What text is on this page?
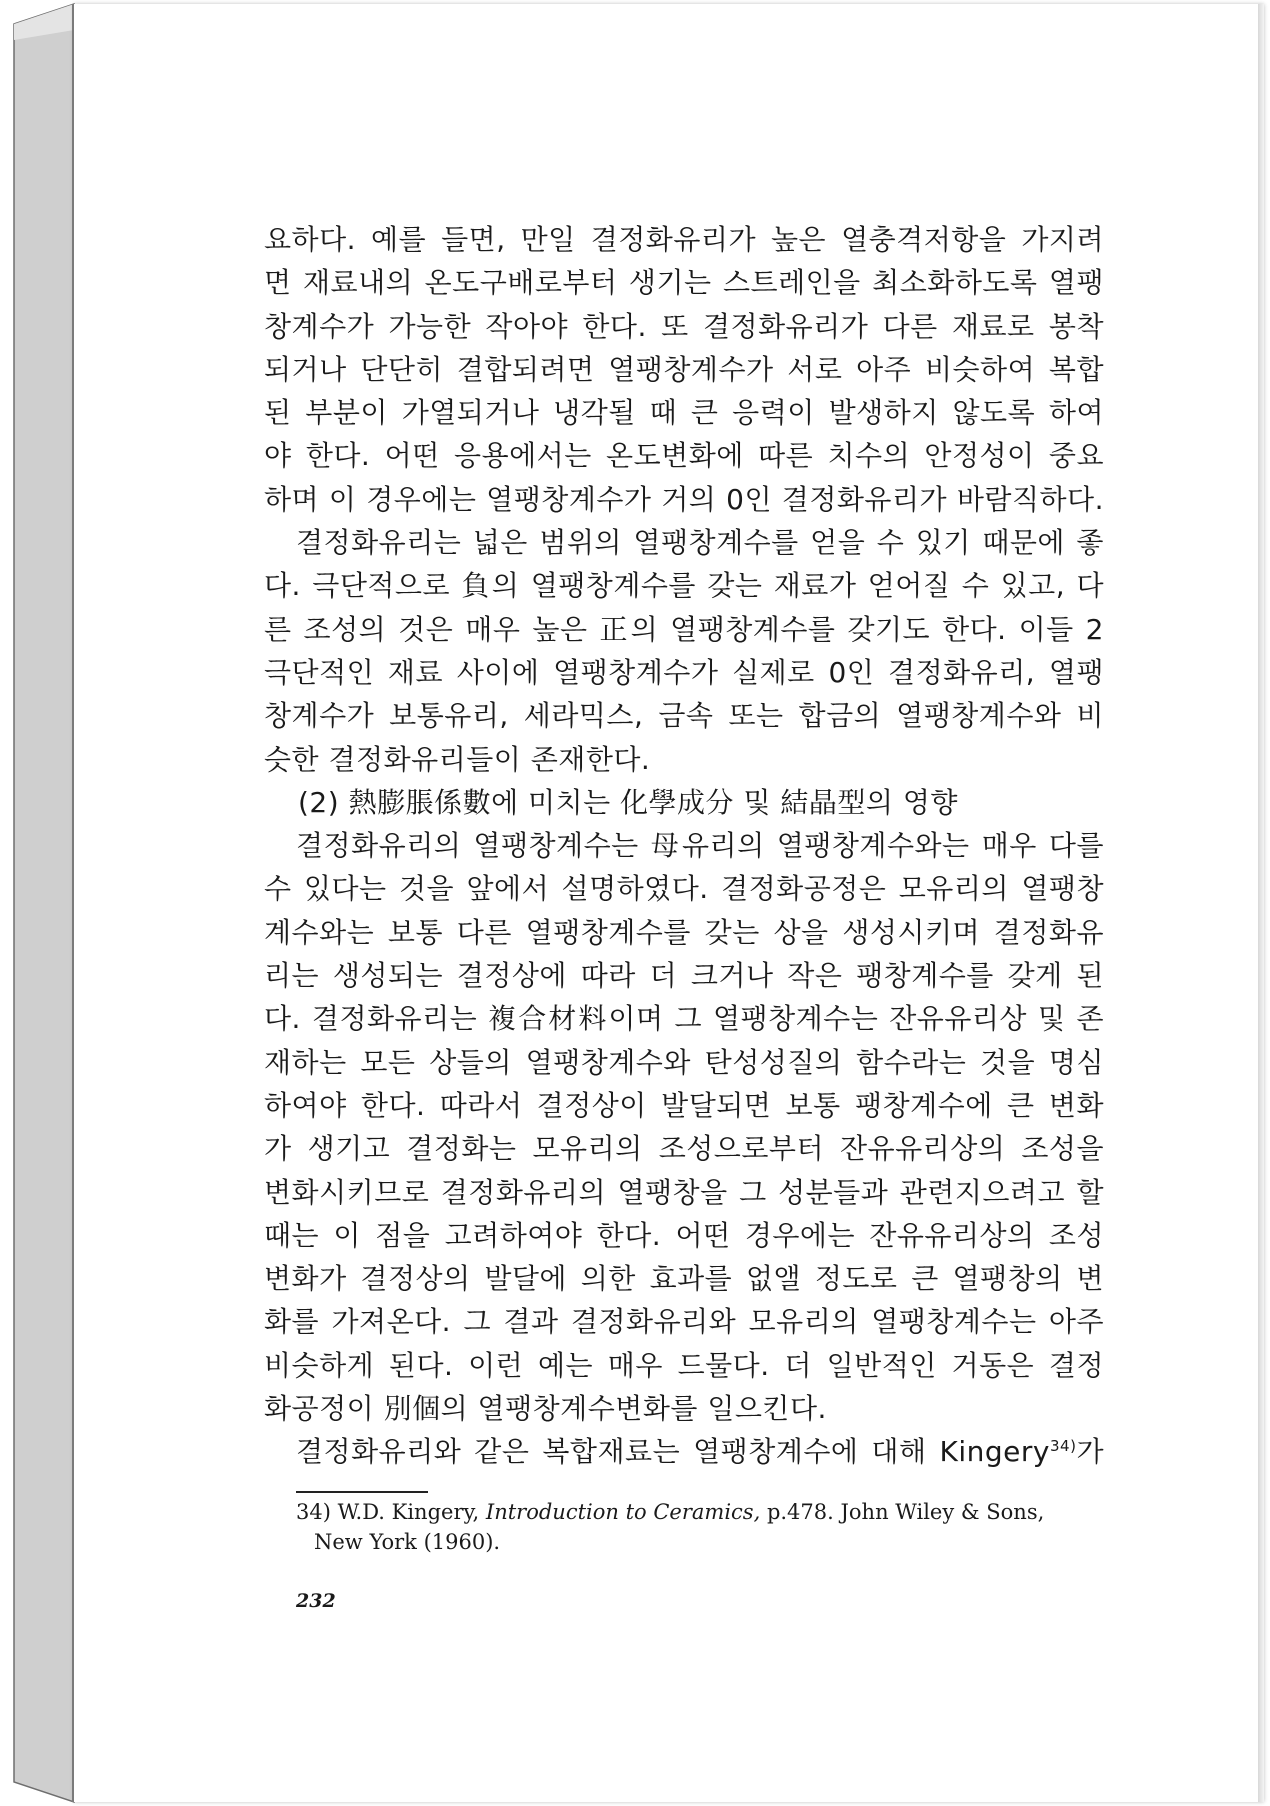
요하다. 예를 들면, 만일 결정화유리가 높은 열충격저항을 가지려
면 재료내의 온도구배로부터 생기는 스트레인을 최소화하도록 열팽
창계수가 가능한 작아야 한다. 또 결정화유리가 다른 재료로 봉착
되거나 단단히 결합되려면 열팽창계수가 서로 아주 비슷하여 복합
된 부분이 가열되거나 냉각될 때 큰 응력이 발생하지 않도록 하여
야 한다. 어떤 응용에서는 온도변화에 따른 치수의 안정성이 중요
하며 이 경우에는 열팽창계수가 거의 0인 결정화유리가 바람직하다.
결정화유리는 넓은 범위의 열팽창계수를 얻을 수 있기 때문에 좋
다. 극단적으로 負의 열팽창계수를 갖는 재료가 얻어질 수 있고, 다
른 조성의 것은 매우 높은 正의 열팽창계수를 갖기도 한다. 이들 2
극단적인 재료 사이에 열팽창계수가 실제로 0인 결정화유리, 열팽
창계수가 보통유리, 세라믹스, 금속 또는 합금의 열팽창계수와 비
슷한 결정화유리들이 존재한다.
(2) 熱膨脹係數에 미치는 化學成分 및 結晶型의 영향
결정화유리의 열팽창계수는 母유리의 열팽창계수와는 매우 다를
수 있다는 것을 앞에서 설명하였다. 결정화공정은 모유리의 열팽창
계수와는 보통 다른 열팽창계수를 갖는 상을 생성시키며 결정화유
리는 생성되는 결정상에 따라 더 크거나 작은 팽창계수를 갖게 된
다. 결정화유리는 複合材料이며 그 열팽창계수는 잔유유리상 및 존
재하는 모든 상들의 열팽창계수와 탄성성질의 함수라는 것을 명심
하여야 한다. 따라서 결정상이 발달되면 보통 팽창계수에 큰 변화
가 생기고 결정화는 모유리의 조성으로부터 잔유유리상의 조성을
변화시키므로 결정화유리의 열팽창을 그 성분들과 관련지으려고 할
때는 이 점을 고려하여야 한다. 어떤 경우에는 잔유유리상의 조성
변화가 결정상의 발달에 의한 효과를 없앨 정도로 큰 열팽창의 변
화를 가져온다. 그 결과 결정화유리와 모유리의 열팽창계수는 아주
비슷하게 된다. 이런 예는 매우 드물다. 더 일반적인 거동은 결정
화공정이 別個의 열팽창계수변화를 일으킨다.
결정화유리와 같은 복합재료는 열팽창계수에 대해 Kingery$^{34)}$가
34) W.D. Kingery, Introduction to Ceramics, p.478. John Wiley & Sons,
New York (1960).
232
